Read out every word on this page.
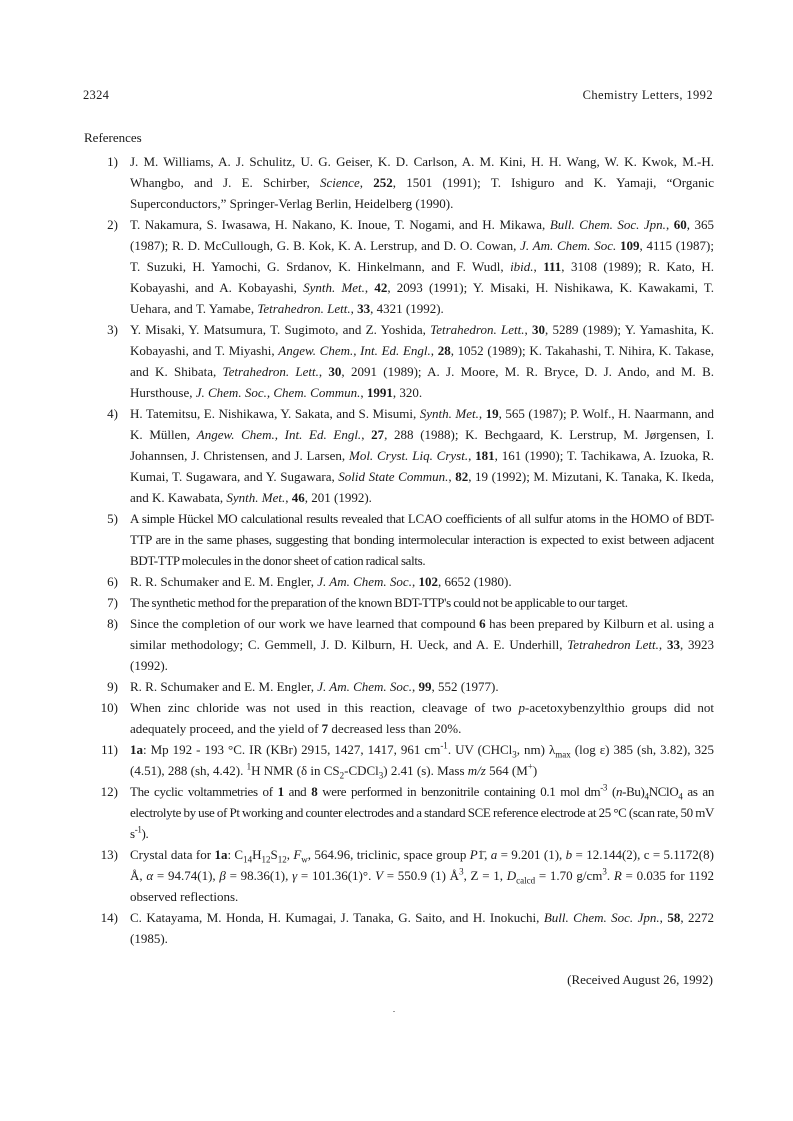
2324	Chemistry Letters, 1992
References
1) J. M. Williams, A. J. Schulitz, U. G. Geiser, K. D. Carlson, A. M. Kini, H. H. Wang, W. K. Kwok, M.-H. Whangbo, and J. E. Schirber, Science, 252, 1501 (1991); T. Ishiguro and K. Yamaji, “Organic Superconductors,” Springer-Verlag Berlin, Heidelberg (1990).
2) T. Nakamura, S. Iwasawa, H. Nakano, K. Inoue, T. Nogami, and H. Mikawa, Bull. Chem. Soc. Jpn., 60, 365 (1987); R. D. McCullough, G. B. Kok, K. A. Lerstrup, and D. O. Cowan, J. Am. Chem. Soc. 109, 4115 (1987); T. Suzuki, H. Yamochi, G. Srdanov, K. Hinkelmann, and F. Wudl, ibid., 111, 3108 (1989); R. Kato, H. Kobayashi, and A. Kobayashi, Synth. Met., 42, 2093 (1991); Y. Misaki, H. Nishikawa, K. Kawakami, T. Uehara, and T. Yamabe, Tetrahedron. Lett., 33, 4321 (1992).
3) Y. Misaki, Y. Matsumura, T. Sugimoto, and Z. Yoshida, Tetrahedron. Lett., 30, 5289 (1989); Y. Yamashita, K. Kobayashi, and T. Miyashi, Angew. Chem., Int. Ed. Engl., 28, 1052 (1989); K. Takahashi, T. Nihira, K. Takase, and K. Shibata, Tetrahedron. Lett., 30, 2091 (1989); A. J. Moore, M. R. Bryce, D. J. Ando, and M. B. Hursthouse, J. Chem. Soc., Chem. Commun., 1991, 320.
4) H. Tatemitsu, E. Nishikawa, Y. Sakata, and S. Misumi, Synth. Met., 19, 565 (1987); P. Wolf., H. Naarmann, and K. Müllen, Angew. Chem., Int. Ed. Engl., 27, 288 (1988); K. Bechgaard, K. Lerstrup, M. Jørgensen, I. Johannsen, J. Christensen, and J. Larsen, Mol. Cryst. Liq. Cryst., 181, 161 (1990); T. Tachikawa, A. Izuoka, R. Kumai, T. Sugawara, and Y. Sugawara, Solid State Commun., 82, 19 (1992); M. Mizutani, K. Tanaka, K. Ikeda, and K. Kawabata, Synth. Met., 46, 201 (1992).
5) A simple Hückel MO calculational results revealed that LCAO coefficients of all sulfur atoms in the HOMO of BDT-TTP are in the same phases, suggesting that bonding intermolecular interaction is expected to exist between adjacent BDT-TTP molecules in the donor sheet of cation radical salts.
6) R. R. Schumaker and E. M. Engler, J. Am. Chem. Soc., 102, 6652 (1980).
7) The synthetic method for the preparation of the known BDT-TTP's could not be applicable to our target.
8) Since the completion of our work we have learned that compound 6 has been prepared by Kilburn et al. using a similar methodology; C. Gemmell, J. D. Kilburn, H. Ueck, and A. E. Underhill, Tetrahedron Lett., 33, 3923 (1992).
9) R. R. Schumaker and E. M. Engler, J. Am. Chem. Soc., 99, 552 (1977).
10) When zinc chloride was not used in this reaction, cleavage of two p-acetoxybenzylthio groups did not adequately proceed, and the yield of 7 decreased less than 20%.
11) 1a: Mp 192 - 193 °C. IR (KBr) 2915, 1427, 1417, 961 $cm^{-1}$. UV (CHCl$_3$, nm) $\lambda_{max}$ (log ε) 385 (sh, 3.82), 325 (4.51), 288 (sh, 4.42). $^1$H NMR (δ in $CS_2-CDCl_3$) 2.41 (s). Mass m/z 564 (M+)
12) The cyclic voltammetries of 1 and 8 were performed in benzonitrile containing 0.1 mol $dm^{-3}$ $(n-Bu)_4NClO_4$ as an electrolyte by use of Pt working and counter electrodes and a standard SCE reference electrode at 25 °C (scan rate, 50 mV $s^{-1}$).
13) Crystal data for 1a: $C_{14}H_{12}S_{12}$, $F_w$, 564.96, triclinic, space group P1̄, a = 9.201 (1), b = 12.144(2), c = 5.1172(8) Å, α = 94.74(1), β = 98.36(1), γ = 101.36(1)°. V = 550.9 (1) $Å^3$, Z = 1, $D_{calcd} = 1.70$ $g/cm^3$. R = 0.035 for 1192 observed reflections.
14) C. Katayama, M. Honda, H. Kumagai, J. Tanaka, G. Saito, and H. Inokuchi, Bull. Chem. Soc. Jpn., 58, 2272 (1985).
(Received August 26, 1992)
